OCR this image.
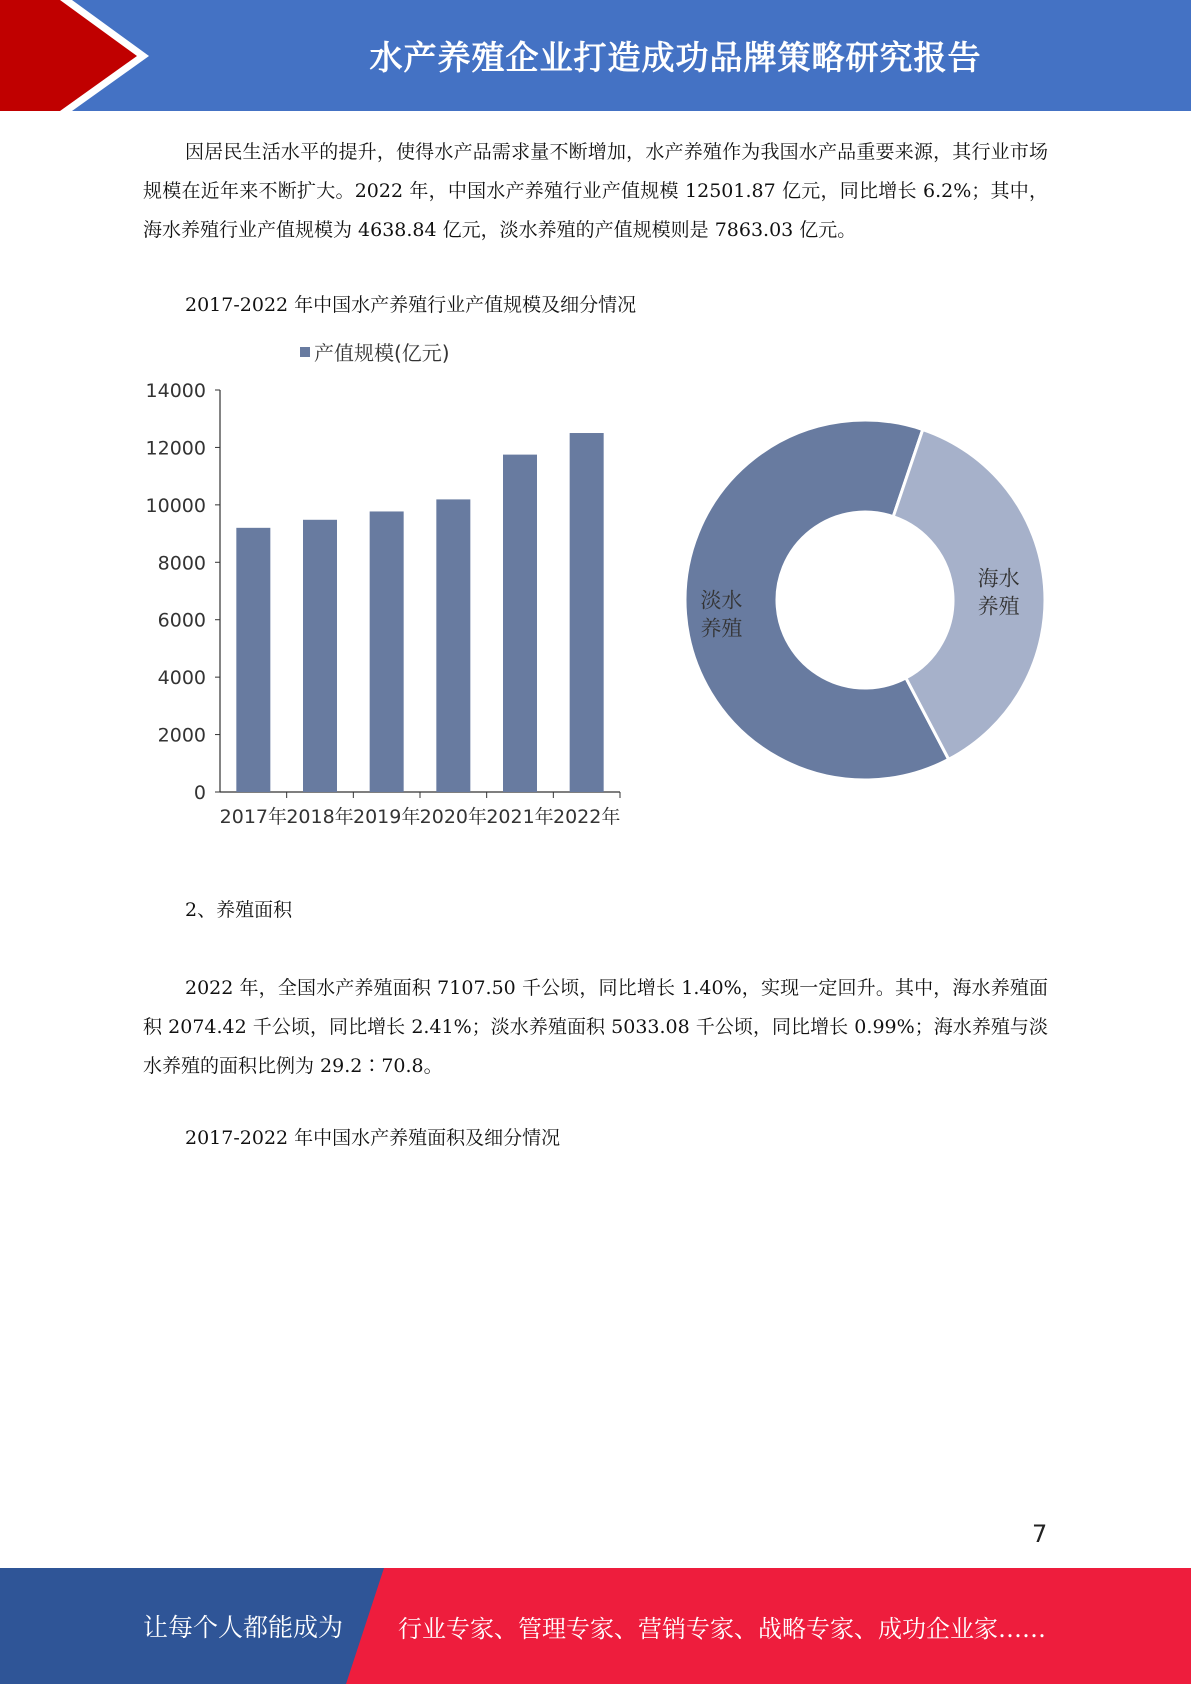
水产养殖企业打造成功品牌策略研究报告

因居民生活水平的提升，使得水产品需求量不断增加，水产养殖作为我国水产品重要来源，其行业市场规模在近年来不断扩大。2022 年，中国水产养殖行业产值规模 12501.87 亿元，同比增长 6.2%；其中，海水养殖行业产值规模为 4638.84 亿元，淡水养殖的产值规模则是 7863.03 亿元。

2017-2022 年中国水产养殖行业产值规模及细分情况

0
2000
4000
6000
8000
10000
12000
14000
2017年 2018年 2019年 2020年 2021年 2022年
产值规模(亿元)
淡水
养殖
海水
养殖

2、养殖面积

2022 年，全国水产养殖面积 7107.50 千公顷，同比增长 1.40%，实现一定回升。其中，海水养殖面积 2074.42 千公顷，同比增长 2.41%；淡水养殖面积 5033.08 千公顷，同比增长 0.99%；海水养殖与淡水养殖的面积比例为 29.2∶70.8。

2017-2022 年中国水产养殖面积及细分情况

7
让每个人都能成为 行业专家、管理专家、营销专家、战略专家、成功企业家……
